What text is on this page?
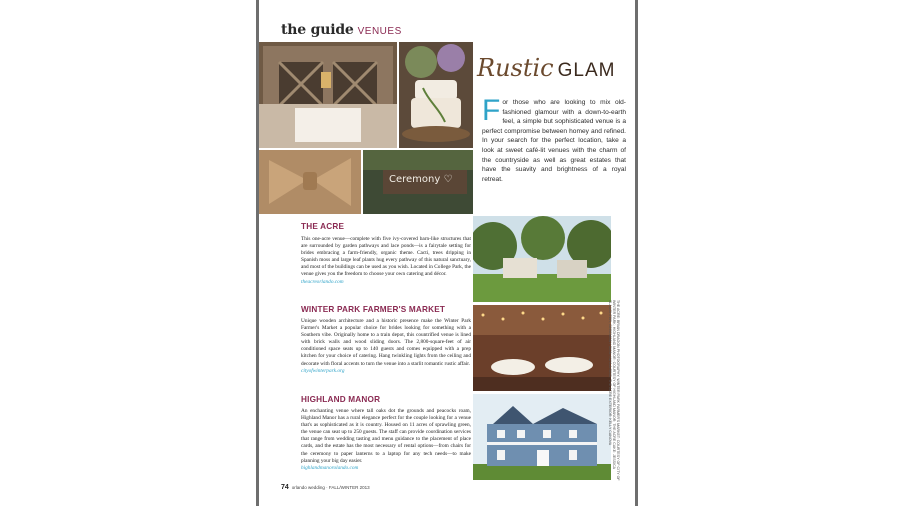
the guide VENUES
Ceremony ♡
Rustic GLAM
F or those who are looking to mix old-fashioned glamour with a down-to-earth feel, a simple but sophisticated venue is a perfect compromise between homey and refined. In your search for the perfect location, take a look at sweet café-lit venues with the charm of the countryside as well as great estates that have the suavity and brightness of a royal retreat.
THE ACRE
This one-acre venue—complete with five ivy-covered barn-like structures that are surrounded by garden pathways and lace ponds—is a fairytale setting for brides embracing a farm-friendly, organic theme. Cacti, trees dripping in Spanish moss and large leaf plants hug every pathway of this natural sanctuary, and most of the buildings can be used as you wish. Located in College Park, the venue gives you the freedom to choose your own catering and décor.
theacreorlando.com
WINTER PARK FARMER'S MARKET
Unique wooden architecture and a historic presence make the Winter Park Farmer's Market a popular choice for brides looking for something with a Southern vibe. Originally home to a train depot, this countrified venue is lined with brick walls and wood sliding doors. The 2,800-square-feet of air conditioned space seats up to 140 guests and comes equipped with a prep kitchen for your choice of catering. Hang twinkling lights from the ceiling and decorate with floral accents to turn the venue into a starlit romantic rustic affair.
cityofwinterpark.org
HIGHLAND MANOR
An enchanting venue where tall oaks dot the grounds and peacocks roam, Highland Manor has a rural elegance perfect for the couple looking for a venue that's as sophisticated as it is country. Housed on 11 acres of sprawling green, the venue can seat up to 250 guests. The staff can provide coordination services that range from wedding tasting and menu guidance to the placement of place cards, and the estate has the most necessary of rental options—from chairs for the ceremony to paper lanterns to a laptop for any tech needs—to make planning your big day easier.
highlandmanorolando.com	THE ACRE: BRIAN DRAGON PHOTOGRAPHY; WINTER PARK FARMER'S MARKET: COURTESY OF CITY OF WINTER PARK; HIGHLAND MANOR: COURTESY OF HIGHLAND MANOR; THE ACRE CAKE: JESSICA SLAUGHTER; CEREMONY SIGN: KAYLA REID; THE ACRE EXTERIOR: KELLY CANOVA
74 orlando wedding · FALL/WINTER 2013
